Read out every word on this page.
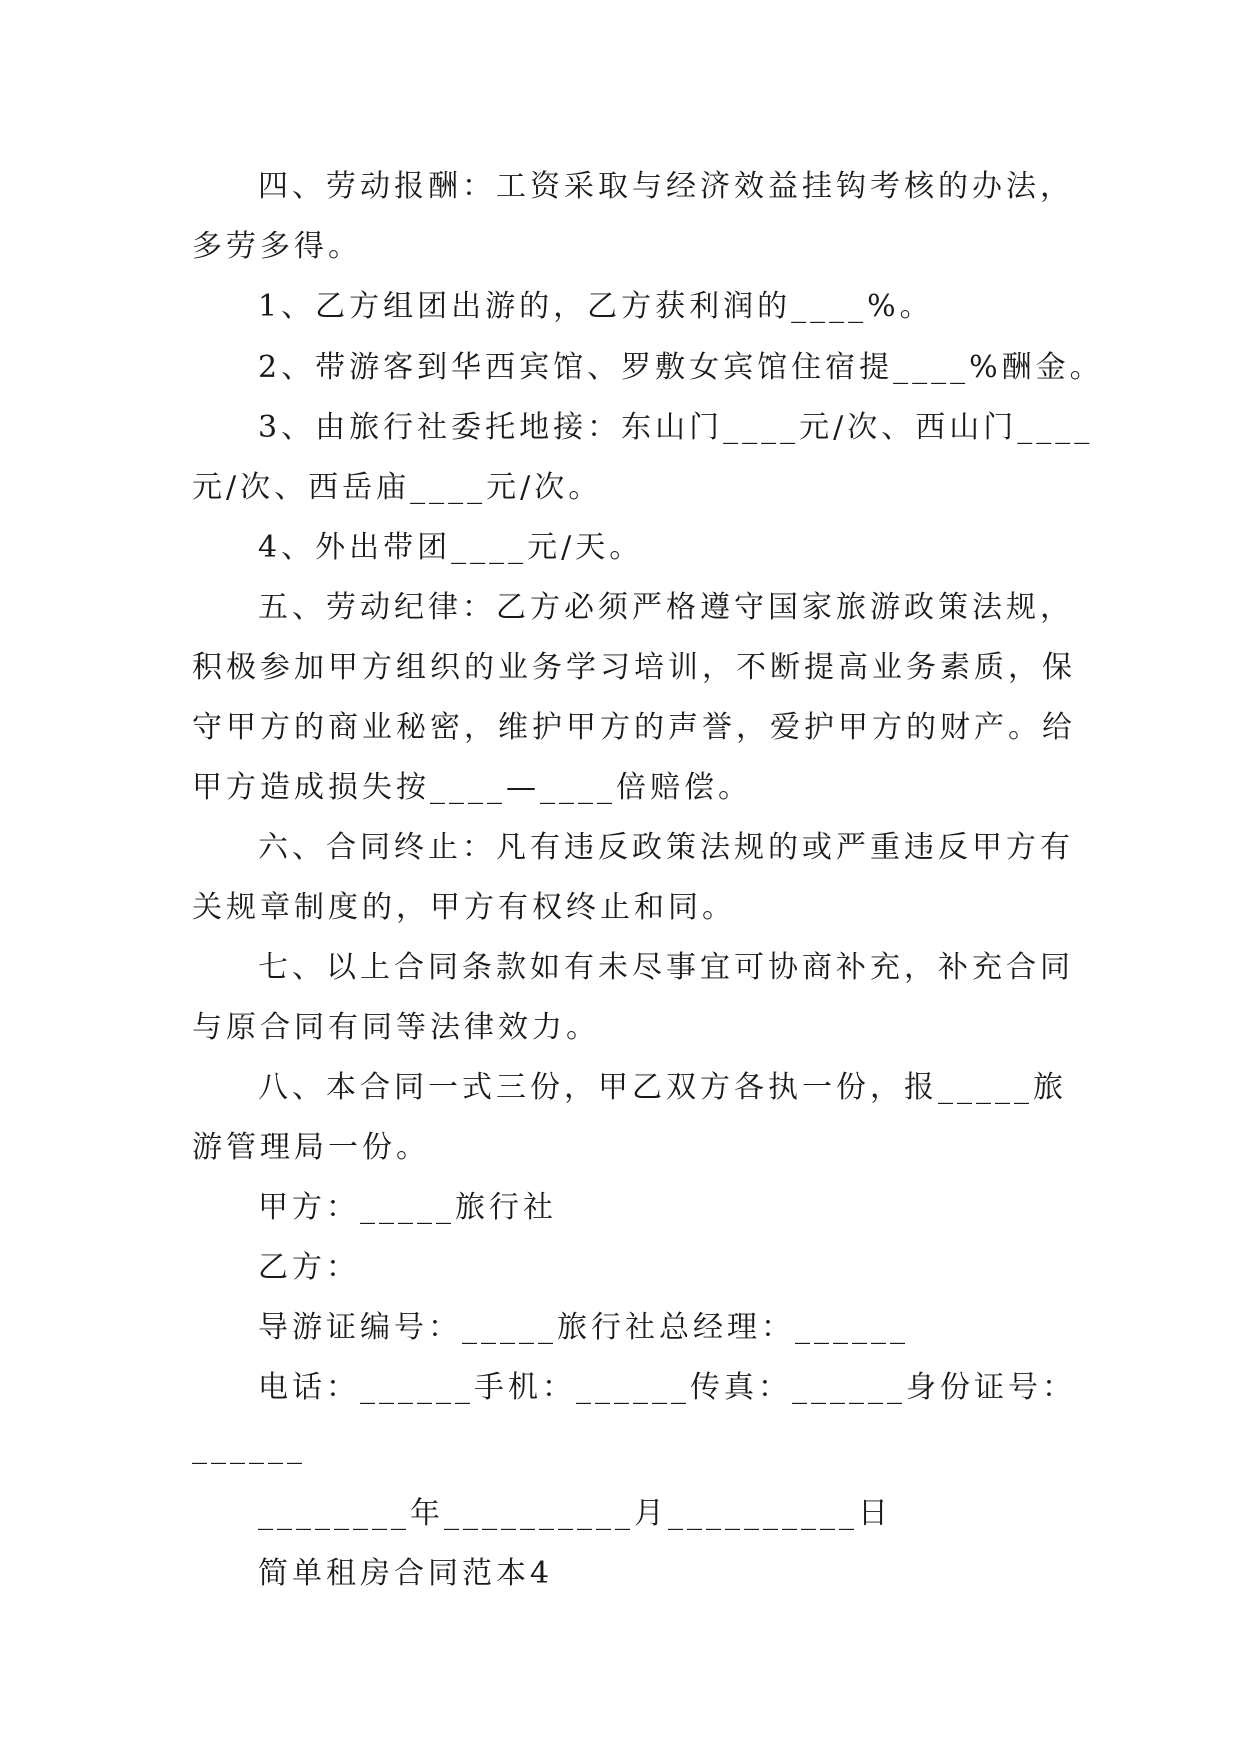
四、劳动报酬：工资采取与经济效益挂钩考核的办法，
多劳多得。
1、乙方组团出游的，乙方获利润的____%。
2、带游客到华西宾馆、罗敷女宾馆住宿提____%酬金。
3、由旅行社委托地接：东山门____元/次、西山门____
元/次、西岳庙____元/次。
4、外出带团____元/天。
五、劳动纪律：乙方必须严格遵守国家旅游政策法规，
积极参加甲方组织的业务学习培训，不断提高业务素质，保
守甲方的商业秘密，维护甲方的声誉，爱护甲方的财产。给
甲方造成损失按____—____倍赔偿。
六、合同终止：凡有违反政策法规的或严重违反甲方有
关规章制度的，甲方有权终止和同。
七、以上合同条款如有未尽事宜可协商补充，补充合同
与原合同有同等法律效力。
八、本合同一式三份，甲乙双方各执一份，报_____旅
游管理局一份。
甲方：_____旅行社
乙方：
导游证编号：_____旅行社总经理：______
电话：______手机：______传真：______身份证号：
______
________年__________月__________日
简单租房合同范本4
